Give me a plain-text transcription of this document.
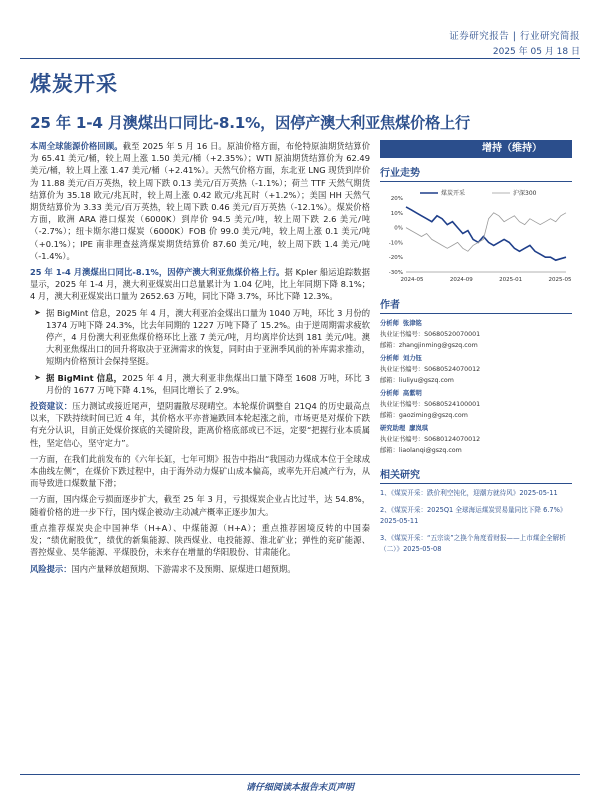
证券研究报告 | 行业研究简报
2025 年 05 月 18 日
煤炭开采
25 年 1-4 月澳煤出口同比-8.1%，因停产澳大利亚焦煤价格上行

本周全球能源价格回顾。截至 2025 年 5 月 16 日。原油价格方面，布伦特原油期货结算价为 65.41 美元/桶，较上周上涨 1.50 美元/桶（+2.35%）；WTI 原油期货结算价为 62.49 美元/桶，较上周上涨 1.47 美元/桶（+2.41%）。天然气价格方面，东北亚 LNG 现货到岸价为 11.88 美元/百万英热，较上周下跌 0.13 美元/百万英热（-1.1%）；荷兰 TTF 天然气期货结算价为 35.18 欧元/兆瓦时，较上周上涨 0.42 欧元/兆瓦时（+1.2%）；美国 HH 天然气期货结算价为 3.33 美元/百万英热，较上周下跌 0.46 美元/百万英热（-12.1%）。煤炭价格方面，欧洲 ARA 港口煤炭（6000K）到岸价 94.5 美元/吨，较上周下跌 2.6 美元/吨（-2.7%）；纽卡斯尔港口煤炭（6000K）FOB 价 99.0 美元/吨，较上周上涨 0.1 美元/吨（+0.1%）；IPE 南非理查兹湾煤炭期货结算价 87.60 美元/吨，较上周下跌 1.4 美元/吨（-1.4%）。

25 年 1-4 月澳煤出口同比-8.1%，因停产澳大利亚焦煤价格上行。据 Kpler 船运追踪数据显示，2025 年 1-4 月，澳大利亚煤炭出口总量累计为 1.04 亿吨，比上年同期下降 8.1%；4 月，澳大利亚煤炭出口量为 2652.63 万吨，同比下降 3.7%，环比下降 12.3%。

➤ 据 BigMint 信息，2025 年 4 月，澳大利亚冶金煤出口量为 1040 万吨，环比 3 月份的 1374 万吨下降 24.3%，比去年同期的 1227 万吨下降了 15.2%。由于逆周期需求疲软停产，4 月份澳大利亚焦煤价格环比上涨 7 美元/吨，月均离岸价达到 181 美元/吨。澳大利亚焦煤出口的回升将取决于亚洲需求的恢复，同时由于亚洲季风前的补库需求推动，短期内价格预计会保持坚挺。

➤ 据 BigMint 信息，2025 年 4 月，澳大利亚非焦煤出口量下降至 1608 万吨，环比 3 月份的 1677 万吨下降 4.1%，但同比增长了 2.9%。

投资建议：压力测试或接近尾声，望阴霾散尽现晴空。本轮煤价调整自 21Q4 的历史最高点以来，下跌持续时间已近 4 年，其价格水平亦普遍跌回本轮起涨之前，市场更是对煤价下跌有充分认识，目前正处煤价探底的关键阶段，距离价格底部或已不远，定要“把握行业本质属性，坚定信心，坚守定力”。

一方面，在我们此前发布的《六年长缸，七年可期》报告中指出“我国动力煤成本位于全球成本曲线左侧”，在煤价下跌过程中，由于海外动力煤矿山成本偏高，或率先开启减产行为，从而导致进口煤数量下滑；

一方面，国内煤企亏损面逐步扩大，截至 25 年 3 月，亏损煤炭企业占比过半，达 54.8%，随着价格的进一步下行，国内煤企被动/主动减产概率正逐步加大。

重点推荐煤炭央企中国神华（H+A）、中煤能源（H+A）；重点推荐困境反转的中国秦发；“绩优耐股优”，绩优的新集能源、陕西煤业、电投能源、淮北矿业；弹性的兖矿能源、晋控煤业、昊华能源、平煤股份，未来存在增量的华阳股份、甘肃能化。

风险提示：国内产量释放超预期、下游需求不及预期、原煤进口超预期。

增持（维持）
行业走势
20%
10%
0%
-10%
-20%
-30%
2024-05	2024-09	2025-01	2025-05
煤炭开采	沪深300
作者
分析师 张津铭
执业证书编号：S0680520070001
邮箱：zhangjinming@gszq.com
分析师 刘力钰
执业证书编号：S0680524070012
邮箱：liuliyu@gszq.com
分析师 高紫明
执业证书编号：S0680524100001
邮箱：gaoziming@gszq.com
研究助理 廖岚琪
执业证书编号：S0680124070012
邮箱：liaolanqi@gszq.com
相关研究
1、《煤炭开采：跌价利空钝化，迎潮方就待风》2025-05-11
2、《煤炭开采：2025Q1 全球海运煤炭贸易量同比下降 6.7%》2025-05-11
3、《煤炭开采：“五宗谈”之换个角度看财报——上市煤企全解析（二）》2025-05-08
请仔细阅读本报告末页声明
